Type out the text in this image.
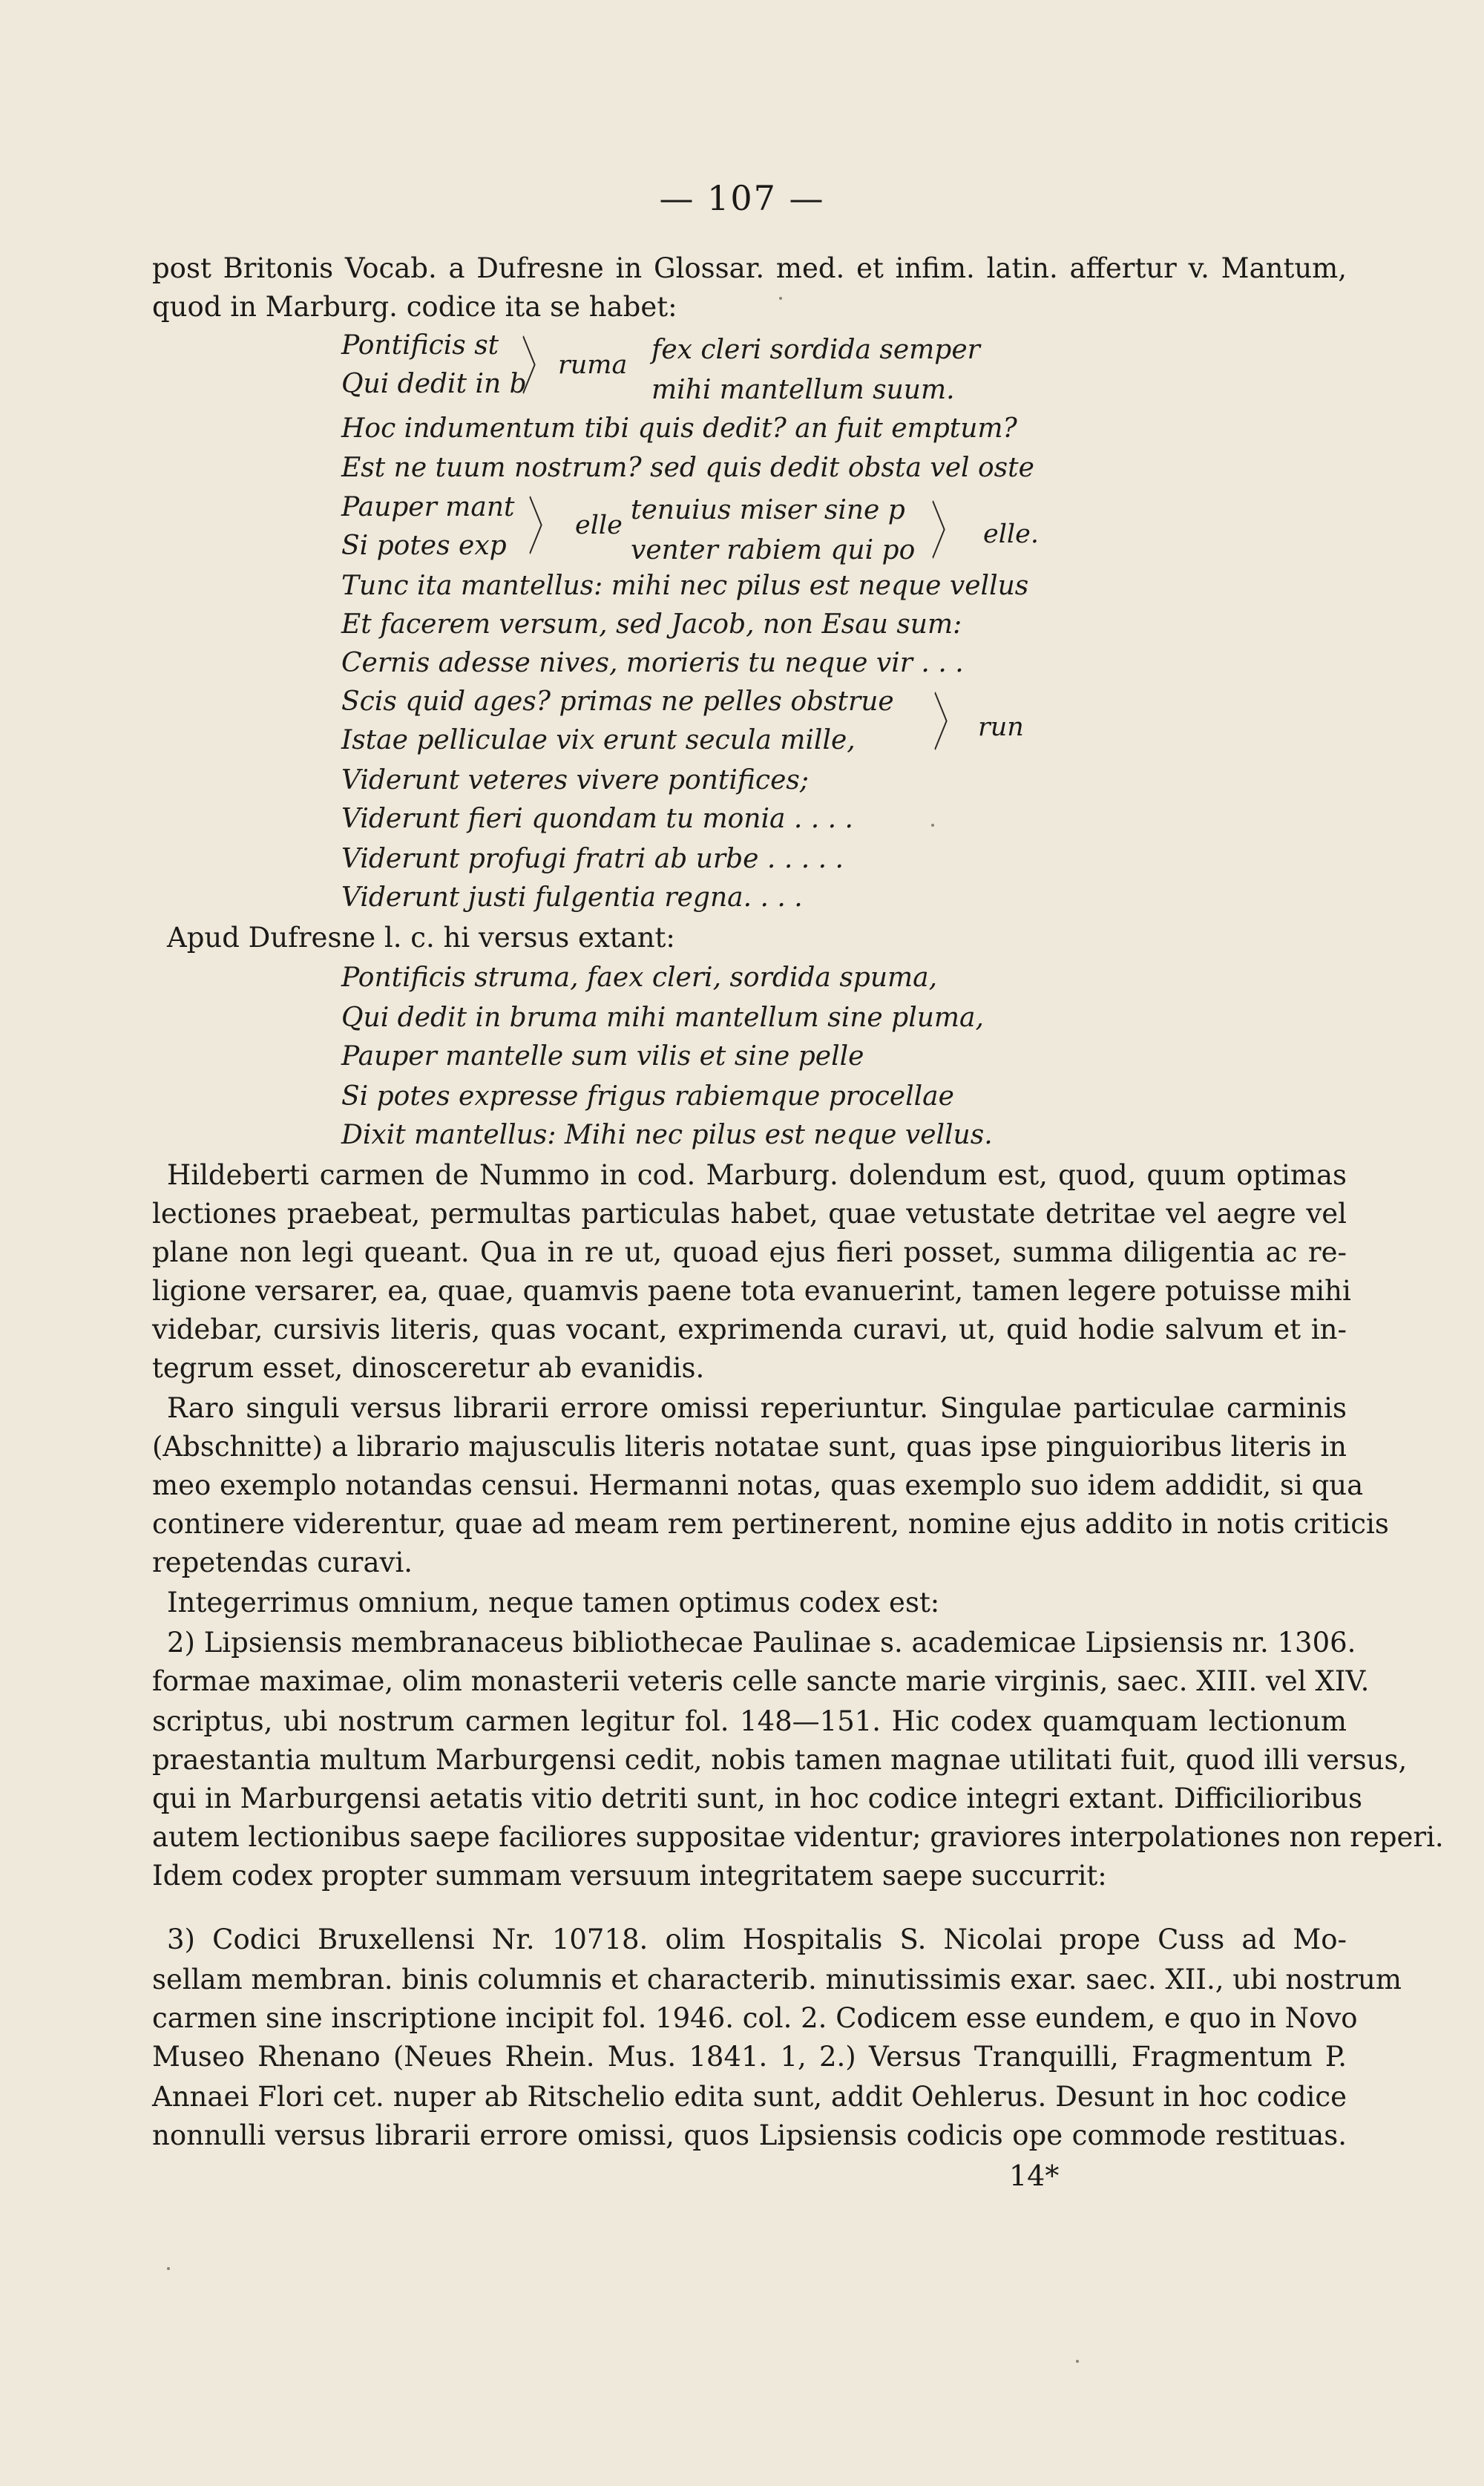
— 107 —
post Britonis Vocab. a Dufresne in Glossar. med. et infim. latin. affertur v. Mantum,
quod in Marburg. codice ita se habet:
Pontificis st
Qui dedit in b
〉 ruma fex cleri sordida semper
mihi mantellum suum.
Hoc indumentum tibi quis dedit? an fuit emptum?
Est ne tuum nostrum? sed quis dedit obsta vel oste
Pauper mant
Si potes exp 〉 elle tenuius miser sine p
venter rabiem qui po 〉 elle.
Tunc ita mantellus: mihi nec pilus est neque vellus
Et facerem versum, sed Jacob, non Esau sum:
Cernis adesse nives, morieris tu neque vir . . .
Scis quid ages? primas ne pelles obstrue
Istae pelliculae vix erunt secula mille,	〉 run
Viderunt veteres vivere pontifices;
Viderunt fieri quondam tu monia . . . .
Viderunt profugi fratri ab urbe . . . . .
Viderunt justi fulgentia regna. . . .
Apud Dufresne l. c. hi versus extant:
Pontificis struma, faex cleri, sordida spuma,
Qui dedit in bruma mihi mantellum sine pluma,
Pauper mantelle sum vilis et sine pelle
Si potes expresse frigus rabiemque procellae
Dixit mantellus: Mihi nec pilus est neque vellus.
Hildeberti carmen de Nummo in cod. Marburg. dolendum est, quod, quum optimas
lectiones praebeat, permultas particulas habet, quae vetustate detritae vel aegre vel
plane non legi queant. Qua in re ut, quoad ejus fieri posset, summa diligentia ac re-
ligione versarer, ea, quae, quamvis paene tota evanuerint, tamen legere potuisse mihi
videbar, cursivis literis, quas vocant, exprimenda curavi, ut, quid hodie salvum et in-
tegrum esset, dinosceretur ab evanidis.
Raro singuli versus librarii errore omissi reperiuntur. Singulae particulae carminis
(Abschnitte) a librario majusculis literis notatae sunt, quas ipse pinguioribus literis in
meo exemplo notandas censui. Hermanni notas, quas exemplo suo idem addidit, si qua
continere viderentur, quae ad meam rem pertinerent, nomine ejus addito in notis criticis
repetendas curavi.
Integerrimus omnium, neque tamen optimus codex est:
2) Lipsiensis membranaceus bibliothecae Paulinae s. academicae Lipsiensis nr. 1306.
formae maximae, olim monasterii veteris celle sancte marie virginis, saec. XIII. vel XIV.
scriptus, ubi nostrum carmen legitur fol. 148—151. Hic codex quamquam lectionum
praestantia multum Marburgensi cedit, nobis tamen magnae utilitati fuit, quod illi versus,
qui in Marburgensi aetatis vitio detriti sunt, in hoc codice integri extant. Difficilioribus
autem lectionibus saepe faciliores suppositae videntur; graviores interpolationes non reperi.
Idem codex propter summam versuum integritatem saepe succurrit:
3) Codici Bruxellensi Nr. 10718. olim Hospitalis S. Nicolai prope Cuss ad Mo-
sellam membran. binis columnis et characterib. minutissimis exar. saec. XII., ubi nostrum
carmen sine inscriptione incipit fol. 1946. col. 2. Codicem esse eundem, e quo in Novo
Museo Rhenano (Neues Rhein. Mus. 1841. 1, 2.) Versus Tranquilli, Fragmentum P.
Annaei Flori cet. nuper ab Ritschelio edita sunt, addit Oehlerus. Desunt in hoc codice
nonnulli versus librarii errore omissi, quos Lipsiensis codicis ope commode restituas.
14*
